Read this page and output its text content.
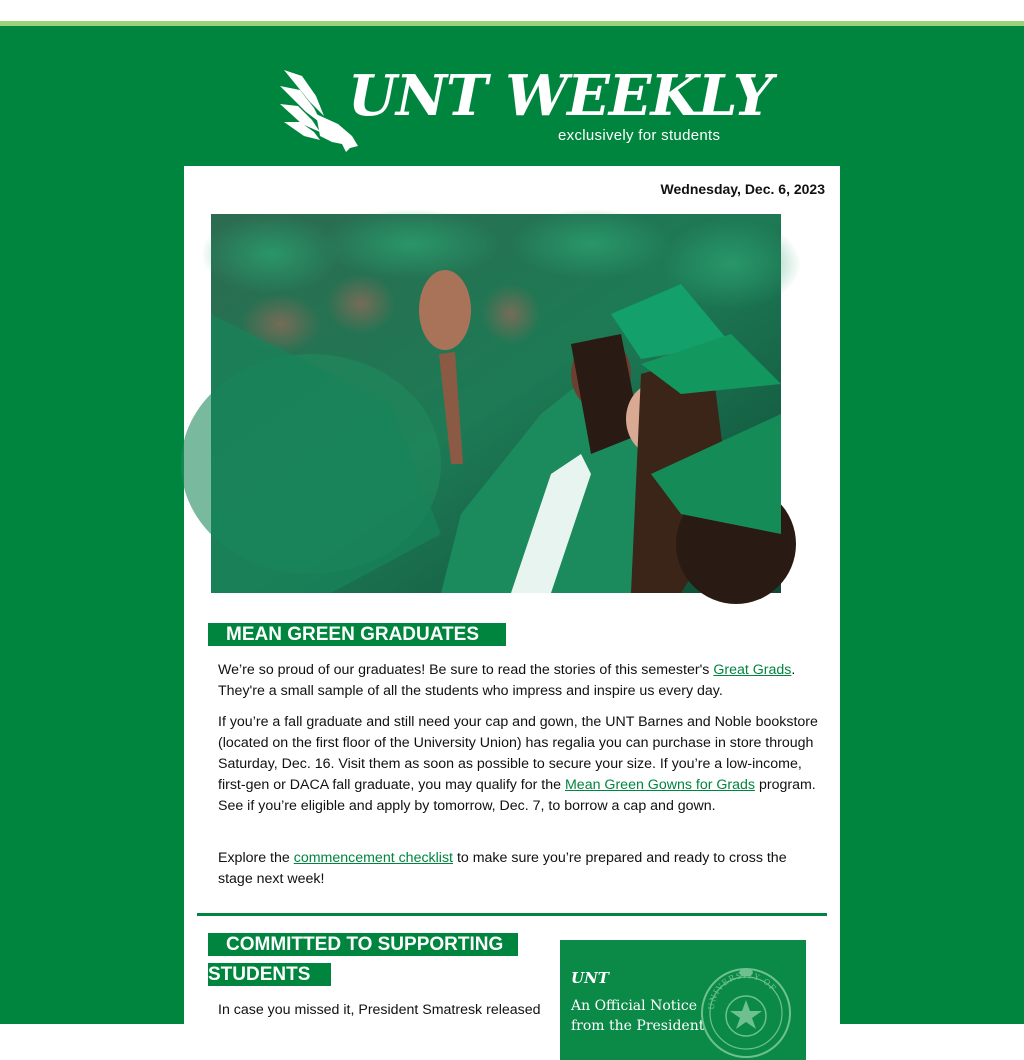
UNT WEEKLY
exclusively for students
Wednesday, Dec. 6, 2023
MEAN GREEN GRADUATES

We’re so proud of our graduates! Be sure to read the stories of this semester's Great Grads. They're a small sample of all the students who impress and inspire us every day.

If you’re a fall graduate and still need your cap and gown, the UNT Barnes and Noble bookstore (located on the first floor of the University Union) has regalia you can purchase in store through Saturday, Dec. 16. Visit them as soon as possible to secure your size. If you’re a low-income, first-gen or DACA fall graduate, you may qualify for the Mean Green Gowns for Grads program. See if you’re eligible and apply by tomorrow, Dec. 7, to borrow a cap and gown.

Explore the commencement checklist to make sure you’re prepared and ready to cross the stage next week!

COMMITTED TO SUPPORTING
STUDENTS

In case you missed it, President Smatresk released

UNT
An Official Notice
from the President
UNIVERSITY OF
